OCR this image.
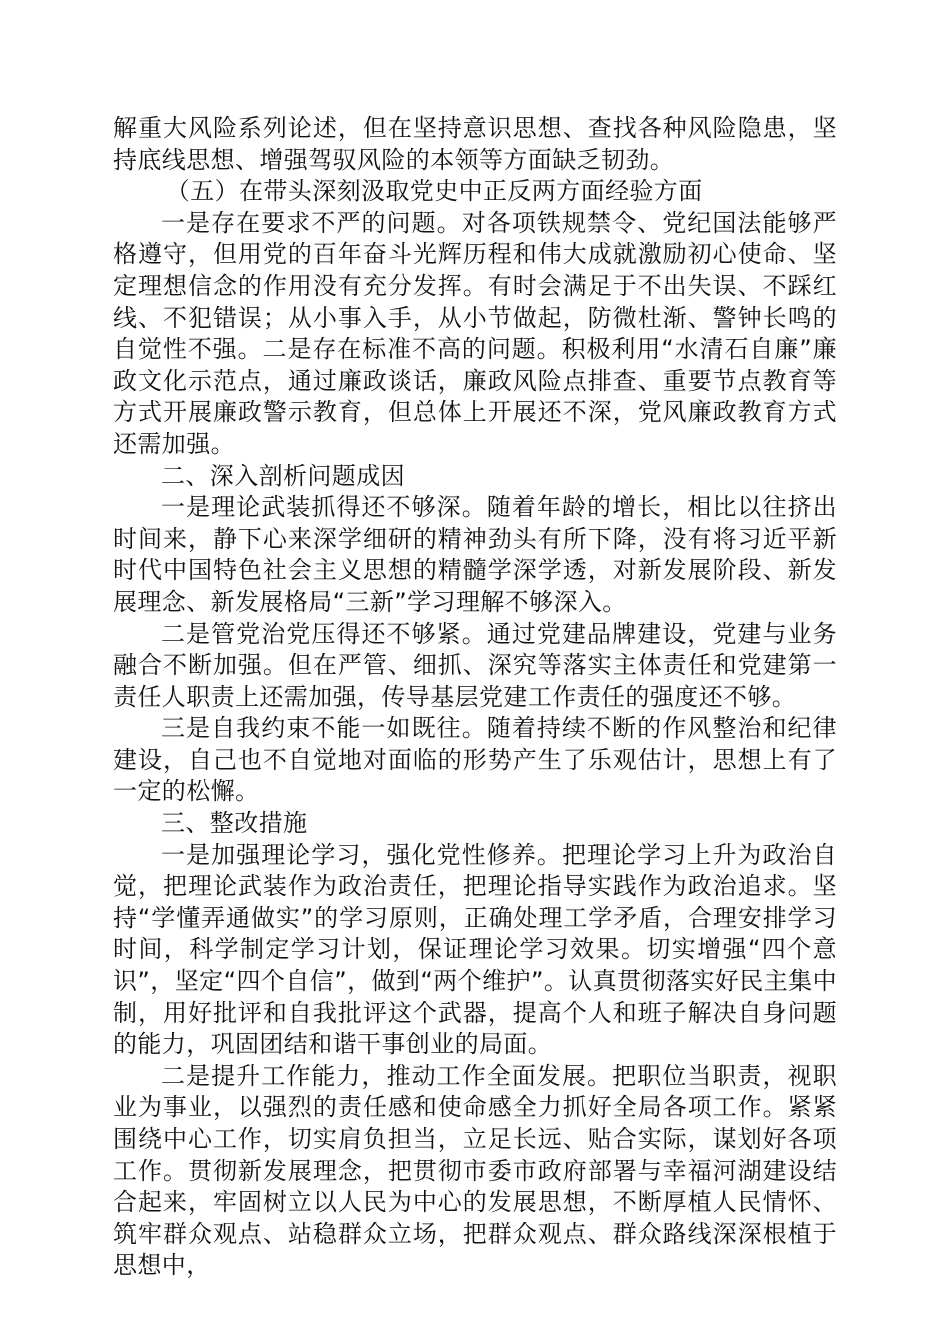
解重大风险系列论述，但在坚持意识思想、查找各种风险隐患，坚持底线思想、增强驾驭风险的本领等方面缺乏韧劲。

（五）在带头深刻汲取党史中正反两方面经验方面

一是存在要求不严的问题。对各项铁规禁令、党纪国法能够严格遵守，但用党的百年奋斗光辉历程和伟大成就激励初心使命、坚定理想信念的作用没有充分发挥。有时会满足于不出失误、不踩红线、不犯错误；从小事入手，从小节做起，防微杜渐、警钟长鸣的自觉性不强。二是存在标准不高的问题。积极利用“水清石自廉”廉政文化示范点，通过廉政谈话，廉政风险点排查、重要节点教育等方式开展廉政警示教育，但总体上开展还不深，党风廉政教育方式还需加强。

二、深入剖析问题成因

一是理论武装抓得还不够深。随着年龄的增长，相比以往挤出时间来，静下心来深学细研的精神劲头有所下降，没有将习近平新时代中国特色社会主义思想的精髓学深学透，对新发展阶段、新发展理念、新发展格局“三新”学习理解不够深入。

二是管党治党压得还不够紧。通过党建品牌建设，党建与业务融合不断加强。但在严管、细抓、深究等落实主体责任和党建第一责任人职责上还需加强，传导基层党建工作责任的强度还不够。

三是自我约束不能一如既往。随着持续不断的作风整治和纪律建设，自己也不自觉地对面临的形势产生了乐观估计，思想上有了一定的松懈。

三、整改措施

一是加强理论学习，强化党性修养。把理论学习上升为政治自觉，把理论武装作为政治责任，把理论指导实践作为政治追求。坚持“学懂弄通做实”的学习原则，正确处理工学矛盾，合理安排学习时间，科学制定学习计划，保证理论学习效果。切实增强“四个意识”，坚定“四个自信”，做到“两个维护”。认真贯彻落实好民主集中制，用好批评和自我批评这个武器，提高个人和班子解决自身问题的能力，巩固团结和谐干事创业的局面。

二是提升工作能力，推动工作全面发展。把职位当职责，视职业为事业，以强烈的责任感和使命感全力抓好全局各项工作。紧紧围绕中心工作，切实肩负担当，立足长远、贴合实际，谋划好各项工作。贯彻新发展理念，把贯彻市委市政府部署与幸福河湖建设结合起来，牢固树立以人民为中心的发展思想，不断厚植人民情怀、筑牢群众观点、站稳群众立场，把群众观点、群众路线深深根植于思想中，
